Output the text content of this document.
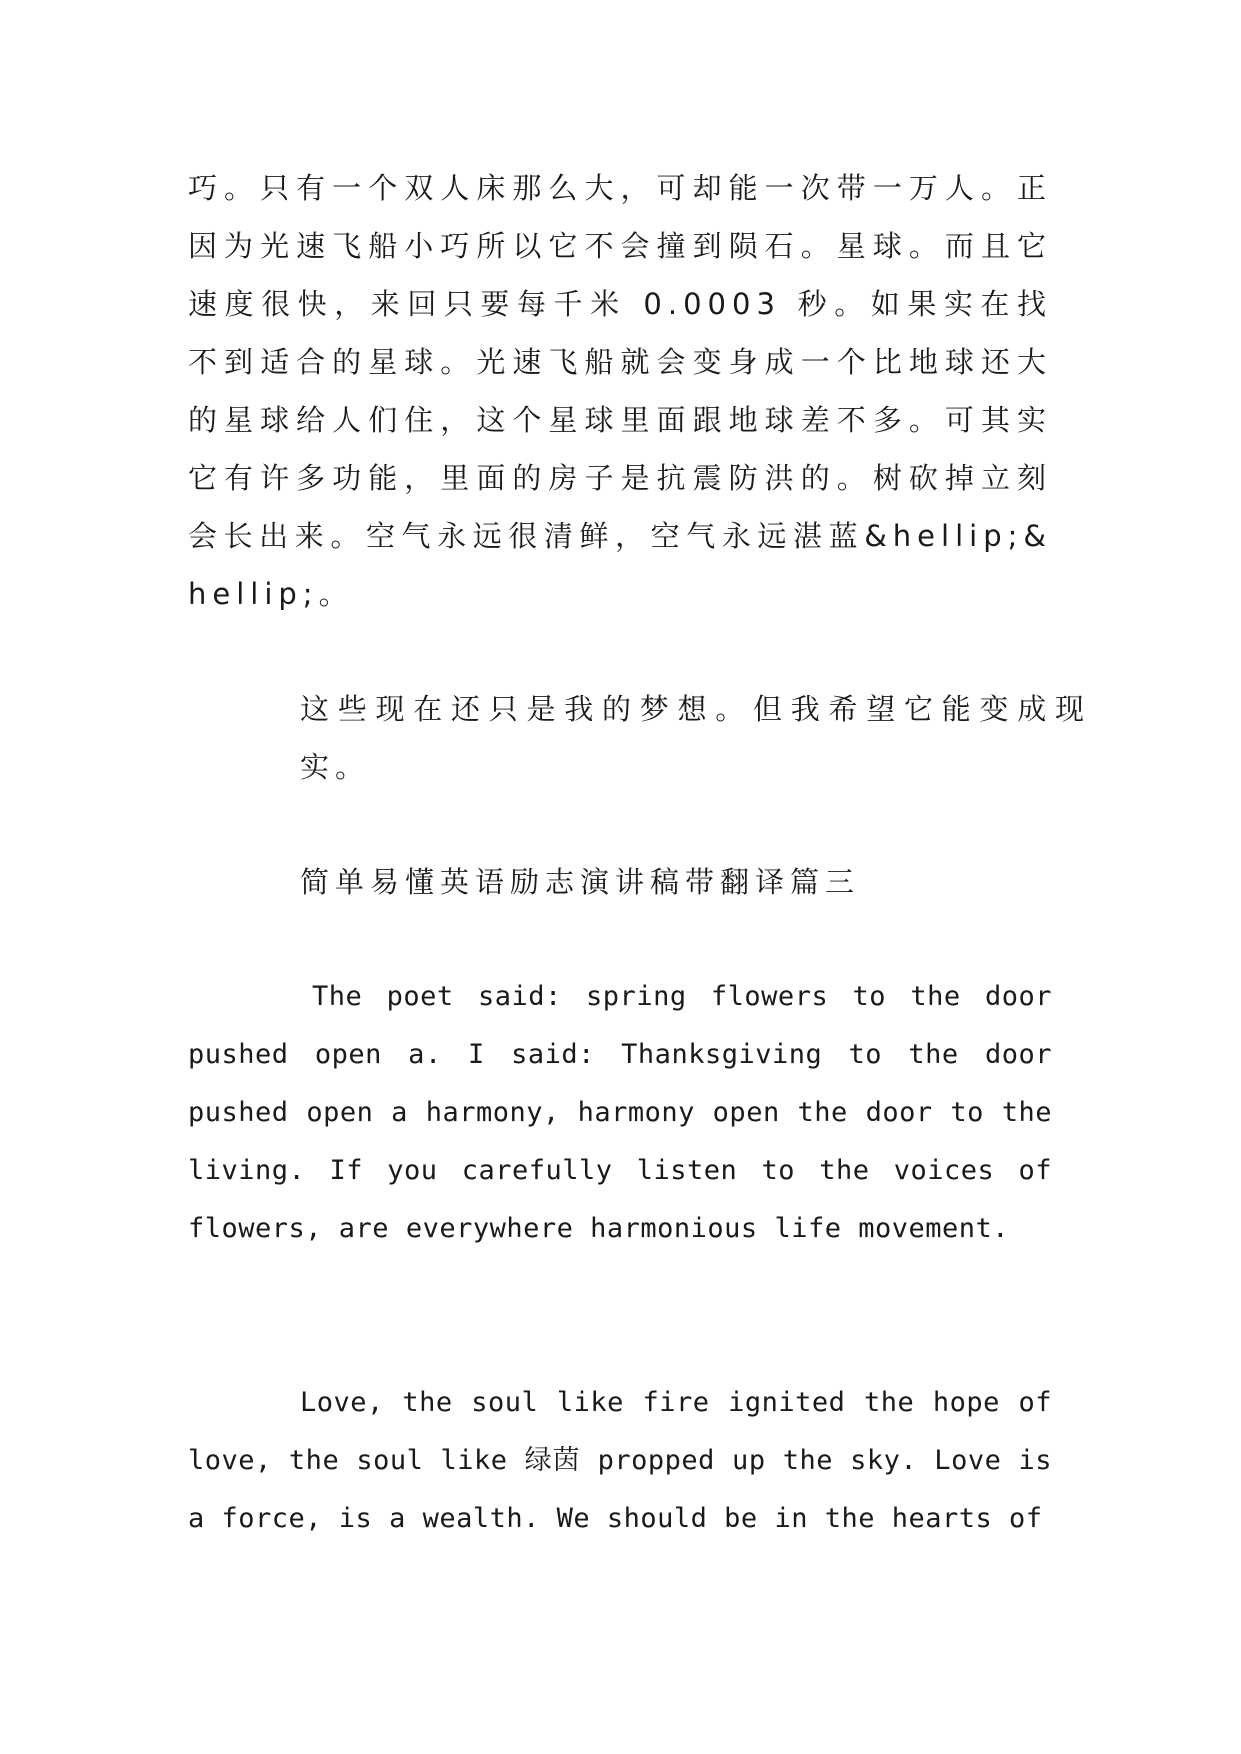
巧。只有一个双人床那么大，可却能一次带一万人。正因为光速飞船小巧所以它不会撞到陨石。星球。而且它速度很快，来回只要每千米 0.0003 秒。如果实在找不到适合的星球。光速飞船就会变身成一个比地球还大的星球给人们住，这个星球里面跟地球差不多。可其实它有许多功能，里面的房子是抗震防洪的。树砍掉立刻会长出来。空气永远很清鲜，空气永远湛蓝&hellip;&hellip;。

这些现在还只是我的梦想。但我希望它能变成现实。

简单易懂英语励志演讲稿带翻译篇三

The poet said: spring flowers to the door pushed open a. I said: Thanksgiving to the door pushed open a harmony, harmony open the door to the living. If you carefully listen to the voices of flowers, are everywhere harmonious life movement.

Love, the soul like fire ignited the hope of love, the soul like 绿茵 propped up the sky. Love is a force, is a wealth. We should be in the hearts of
